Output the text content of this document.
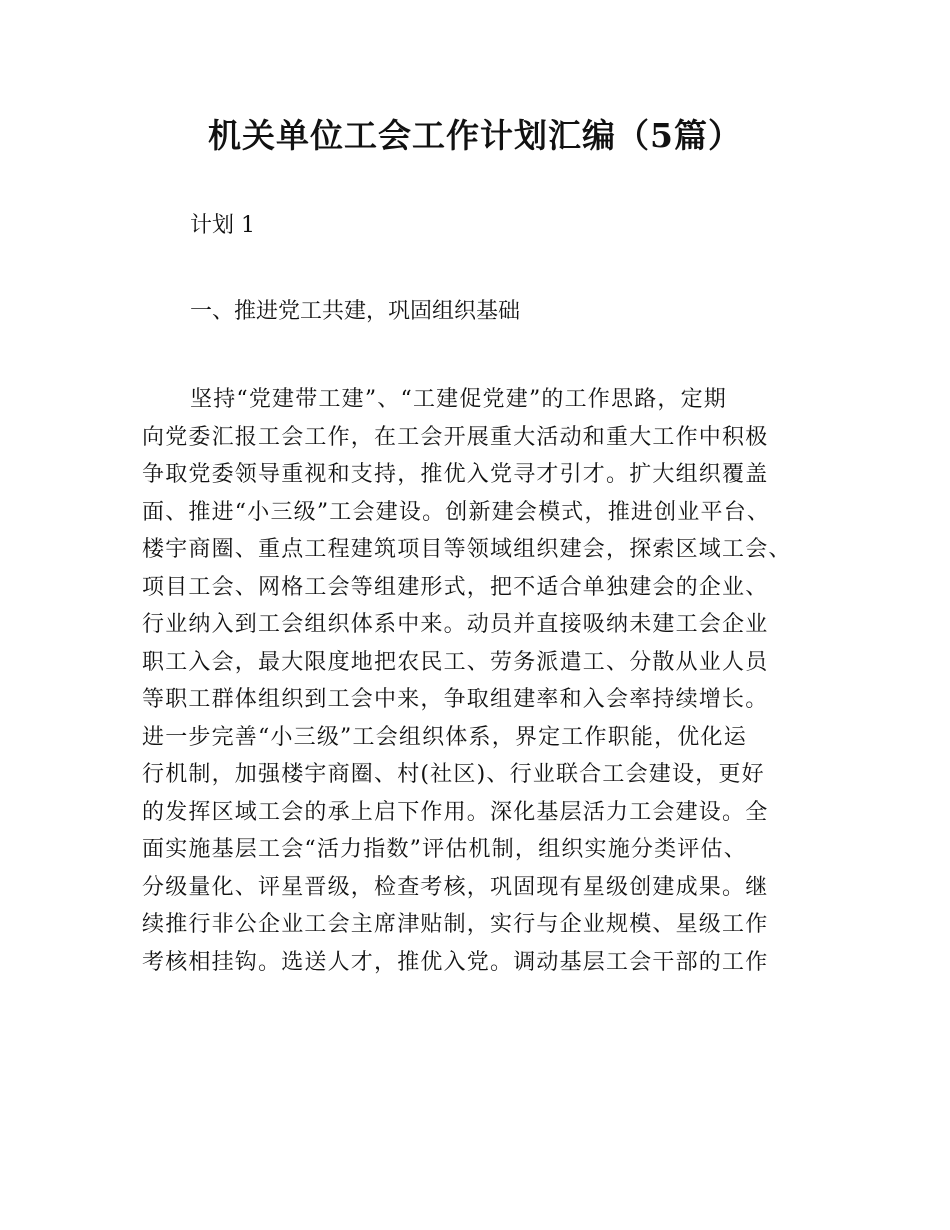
机关单位工会工作计划汇编（5篇）

计划 1

一、推进党工共建，巩固组织基础

坚持“党建带工建”、“工建促党建”的工作思路，定期
向党委汇报工会工作，在工会开展重大活动和重大工作中积极
争取党委领导重视和支持，推优入党寻才引才。扩大组织覆盖
面、推进“小三级”工会建设。创新建会模式，推进创业平台、
楼宇商圈、重点工程建筑项目等领域组织建会，探索区域工会、
项目工会、网格工会等组建形式，把不适合单独建会的企业、
行业纳入到工会组织体系中来。动员并直接吸纳未建工会企业
职工入会，最大限度地把农民工、劳务派遣工、分散从业人员
等职工群体组织到工会中来，争取组建率和入会率持续增长。
进一步完善“小三级”工会组织体系，界定工作职能，优化运
行机制，加强楼宇商圈、村(社区)、行业联合工会建设，更好
的发挥区域工会的承上启下作用。深化基层活力工会建设。全
面实施基层工会“活力指数”评估机制，组织实施分类评估、
分级量化、评星晋级，检查考核，巩固现有星级创建成果。继
续推行非公企业工会主席津贴制，实行与企业规模、星级工作
考核相挂钩。选送人才，推优入党。调动基层工会干部的工作
